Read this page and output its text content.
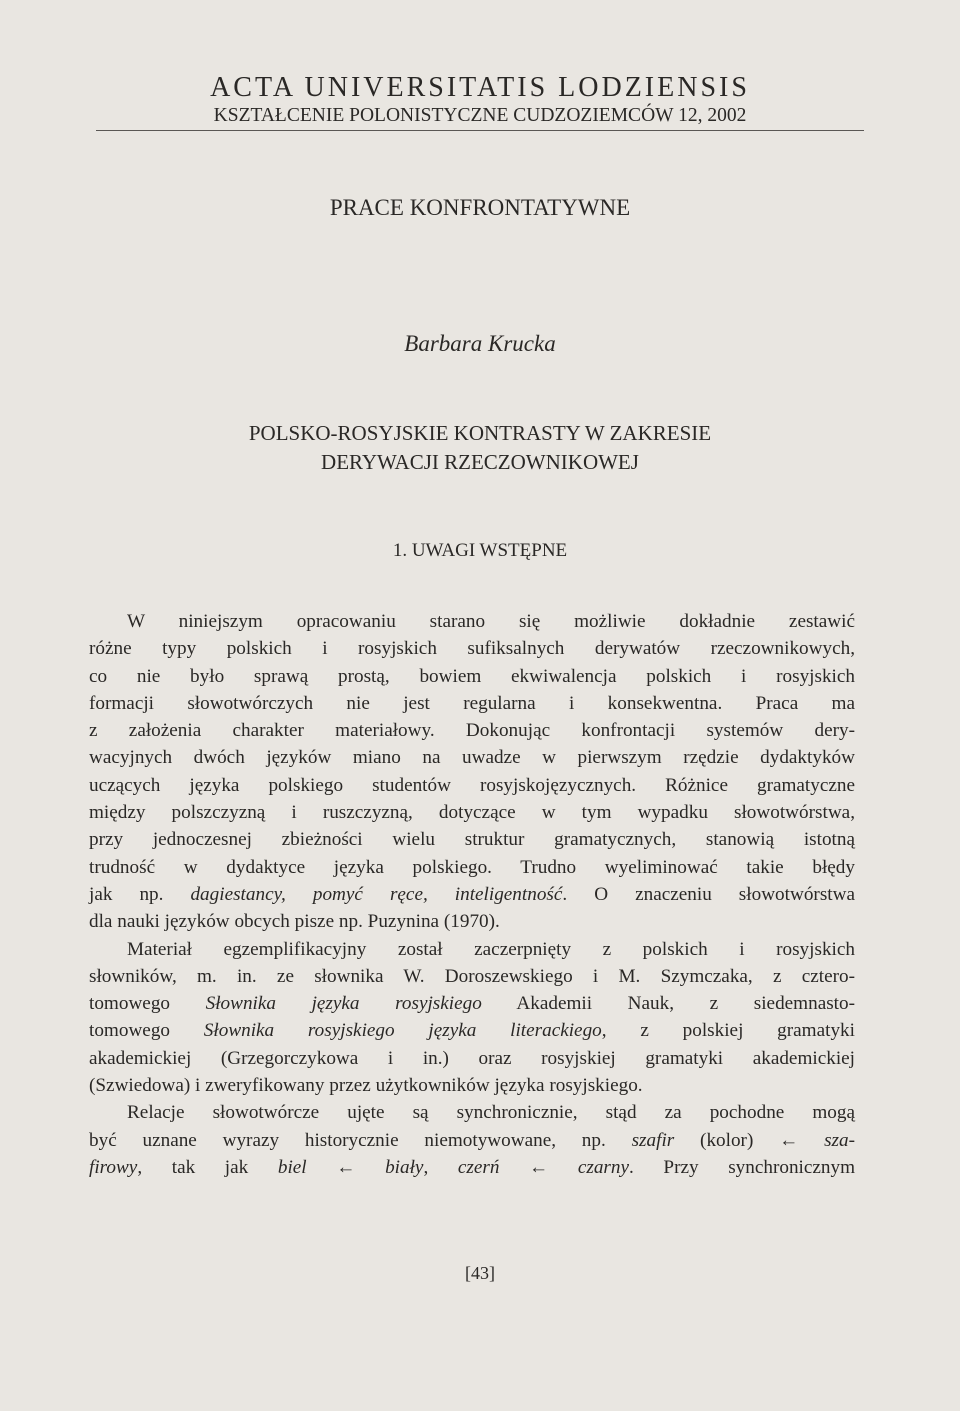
ACTA UNIVERSITATIS LODZIENSIS
KSZTAŁCENIE POLONISTYCZNE CUDZOZIEMCÓW 12, 2002
PRACE KONFRONTATYWNE
Barbara Krucka
POLSKO-ROSYJSKIE KONTRASTY W ZAKRESIE
DERYWACJI RZECZOWNIKOWEJ
1. UWAGI WSTĘPNE
W niniejszym opracowaniu starano się możliwie dokładnie zestawić
różne typy polskich i rosyjskich sufiksalnych derywatów rzeczownikowych,
co nie było sprawą prostą, bowiem ekwiwalencja polskich i rosyjskich
formacji słowotwórczych nie jest regularna i konsekwentna. Praca ma
z założenia charakter materiałowy. Dokonując konfrontacji systemów dery-
wacyjnych dwóch języków miano na uwadze w pierwszym rzędzie dydaktyków
uczących języka polskiego studentów rosyjskojęzycznych. Różnice gramatyczne
między polszczyzną i ruszczyzną, dotyczące w tym wypadku słowotwórstwa,
przy jednoczesnej zbieżności wielu struktur gramatycznych, stanowią istotną
trudność w dydaktyce języka polskiego. Trudno wyeliminować takie błędy
jak np. dagiestancy, pomyć ręce, inteligentność. O znaczeniu słowotwórstwa
dla nauki języków obcych pisze np. Puzynina (1970).
Materiał egzemplifikacyjny został zaczerpnięty z polskich i rosyjskich
słowników, m. in. ze słownika W. Doroszewskiego i M. Szymczaka, z cztero-
tomowego Słownika języka rosyjskiego Akademii Nauk, z siedemnasto-
tomowego Słownika rosyjskiego języka literackiego, z polskiej gramatyki
akademickiej (Grzegorczykowa i in.) oraz rosyjskiej gramatyki akademickiej
(Szwiedowa) i zweryfikowany przez użytkowników języka rosyjskiego.
Relacje słowotwórcze ujęte są synchronicznie, stąd za pochodne mogą
być uznane wyrazy historycznie niemotywowane, np. szafir (kolor) ← sza-
firowy, tak jak biel ← biały, czerń ← czarny. Przy synchronicznym
[43]
